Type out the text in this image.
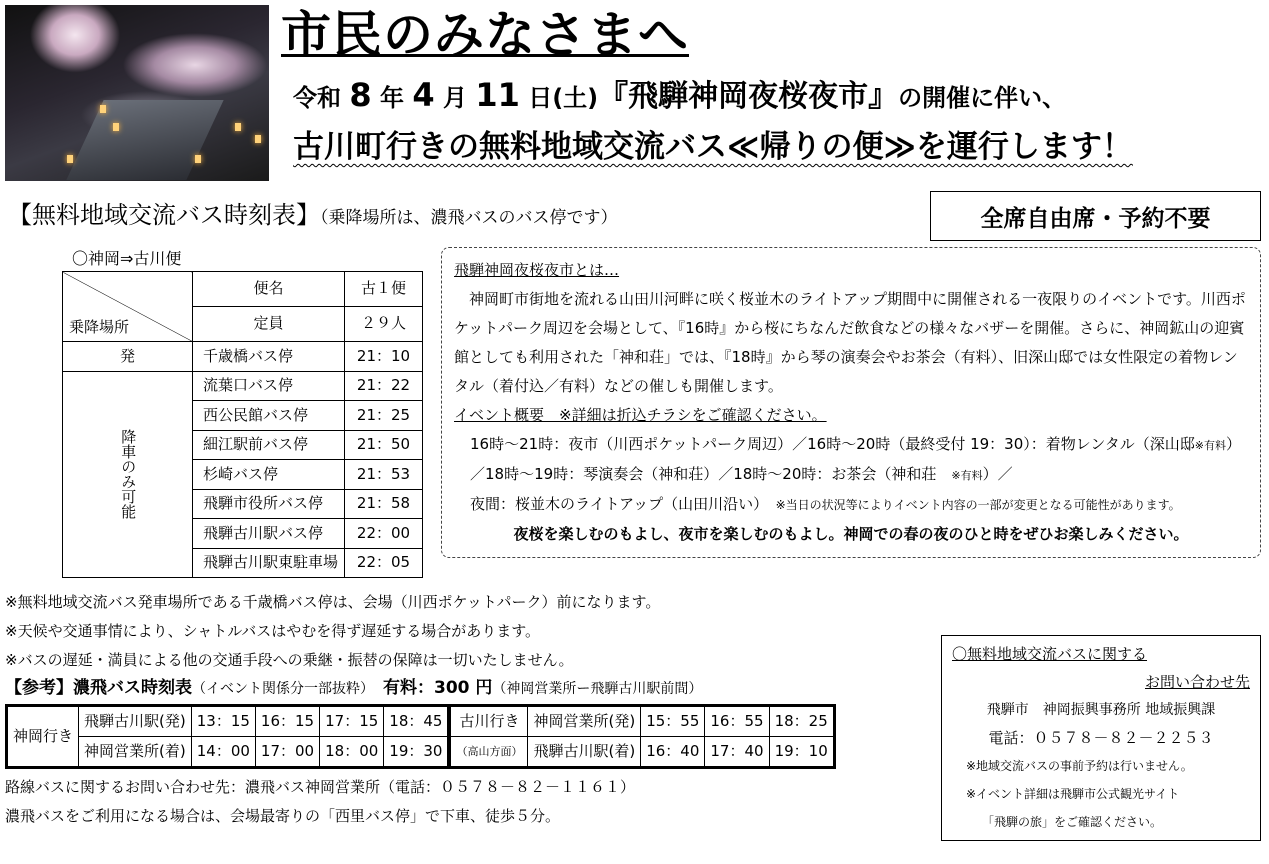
市民のみなさまへ
令和 8 年 4 月 11 日(土)『飛騨神岡夜桜夜市』の開催に伴い、
古川町行きの無料地域交流バス≪帰りの便≫を運行します！
【無料地域交流バス時刻表】（乗降場所は、濃飛バスのバス停です）	全席自由席・予約不要
〇神岡⇒古川便
乗降場所	便名	古１便
	定員	２９人
発	千歳橋バス停	21：10
降車のみ可能	流葉口バス停	21：22
	西公民館バス停	21：25
	細江駅前バス停	21：50
	杉崎バス停	21：53
	飛騨市役所バス停	21：58
	飛騨古川駅バス停	22：00
	飛騨古川駅東駐車場	22：05
飛騨神岡夜桜夜市とは…

神岡町市街地を流れる山田川河畔に咲く桜並木のライトアップ期間中に開催される一夜限りのイベントです。川西ポケットパーク周辺を会場として、『16時』から桜にちなんだ飲食などの様々なバザーを開催。さらに、神岡鉱山の迎賓館としても利用された「神和荘」では、『18時』から琴の演奏会やお茶会（有料）、旧深山邸では女性限定の着物レンタル（着付込／有料）などの催しも開催します。

イベント概要　※詳細は折込チラシをご確認ください。
16時～21時：夜市（川西ポケットパーク周辺）／16時～20時（最終受付 19：30）：着物レンタル（深山邸※有料）
／18時～19時：琴演奏会（神和荘）／18時～20時：お茶会（神和荘　※有料）／
夜間：桜並木のライトアップ（山田川沿い）　※当日の状況等によりイベント内容の一部が変更となる可能性があります。
夜桜を楽しむのもよし、夜市を楽しむのもよし。神岡での春の夜のひと時をぜひお楽しみください。
※無料地域交流バス発車場所である千歳橋バス停は、会場（川西ポケットパーク）前になります。
※天候や交通事情により、シャトルバスはやむを得ず遅延する場合があります。
※バスの遅延・満員による他の交通手段への乗継・振替の保障は一切いたしません。
【参考】濃飛バス時刻表（イベント関係分一部抜粋）　 有料：300 円（神岡営業所ー飛騨古川駅前間）
神岡行き	飛騨古川駅(発)	13：15	16：15	17：15	18：45	古川行き	神岡営業所(発)	15：55	16：55	18：25
	神岡営業所(着)	14：00	17：00	18：00	19：30	（高山方面）	飛騨古川駅(着)	16：40	17：40	19：10
路線バスに関するお問い合わせ先：濃飛バス神岡営業所（電話：０５７８－８２－１１６１）
濃飛バスをご利用になる場合は、会場最寄りの「西里バス停」で下車、徒歩５分。
〇無料地域交流バスに関する
お問い合わせ先
飛騨市　神岡振興事務所 地域振興課
電話：０５７８－８２－２２５３
※地域交流バスの事前予約は行いません。
※イベント詳細は飛騨市公式観光サイト
「飛騨の旅」をご確認ください。
